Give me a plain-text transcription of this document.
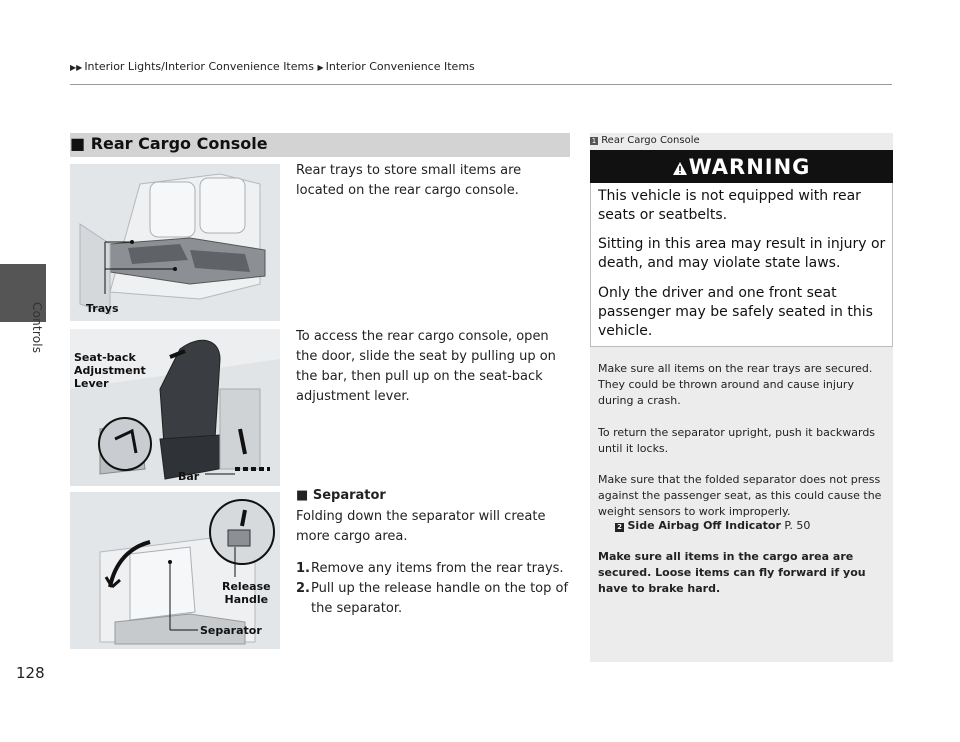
Controls
128
▶▶ Interior Lights/Interior Convenience Items ▶ Interior Convenience Items
■ Rear Cargo Console
Trays
Seat-back
Adjustment
Lever
Bar
Release
Handle
Separator
Rear trays to store small items are located on the rear cargo console.
To access the rear cargo console, open the door, slide the seat by pulling up on the bar, then pull up on the seat-back adjustment lever.
■ Separator
Folding down the separator will create more cargo area.
1.Remove any items from the rear trays.
2.Pull up the release handle on the top of the separator.
1 Rear Cargo Console
WARNING
This vehicle is not equipped with rear seats or seatbelts.
Sitting in this area may result in injury or death, and may violate state laws.
Only the driver and one front seat passenger may be safely seated in this vehicle.
Make sure all items on the rear trays are secured. They could be thrown around and cause injury during a crash.
To return the separator upright, push it backwards until it locks.
Make sure that the folded separator does not press against the passenger seat, as this could cause the weight sensors to work improperly.
2 Side Airbag Off Indicator P. 50
Make sure all items in the cargo area are secured. Loose items can fly forward if you have to brake hard.
